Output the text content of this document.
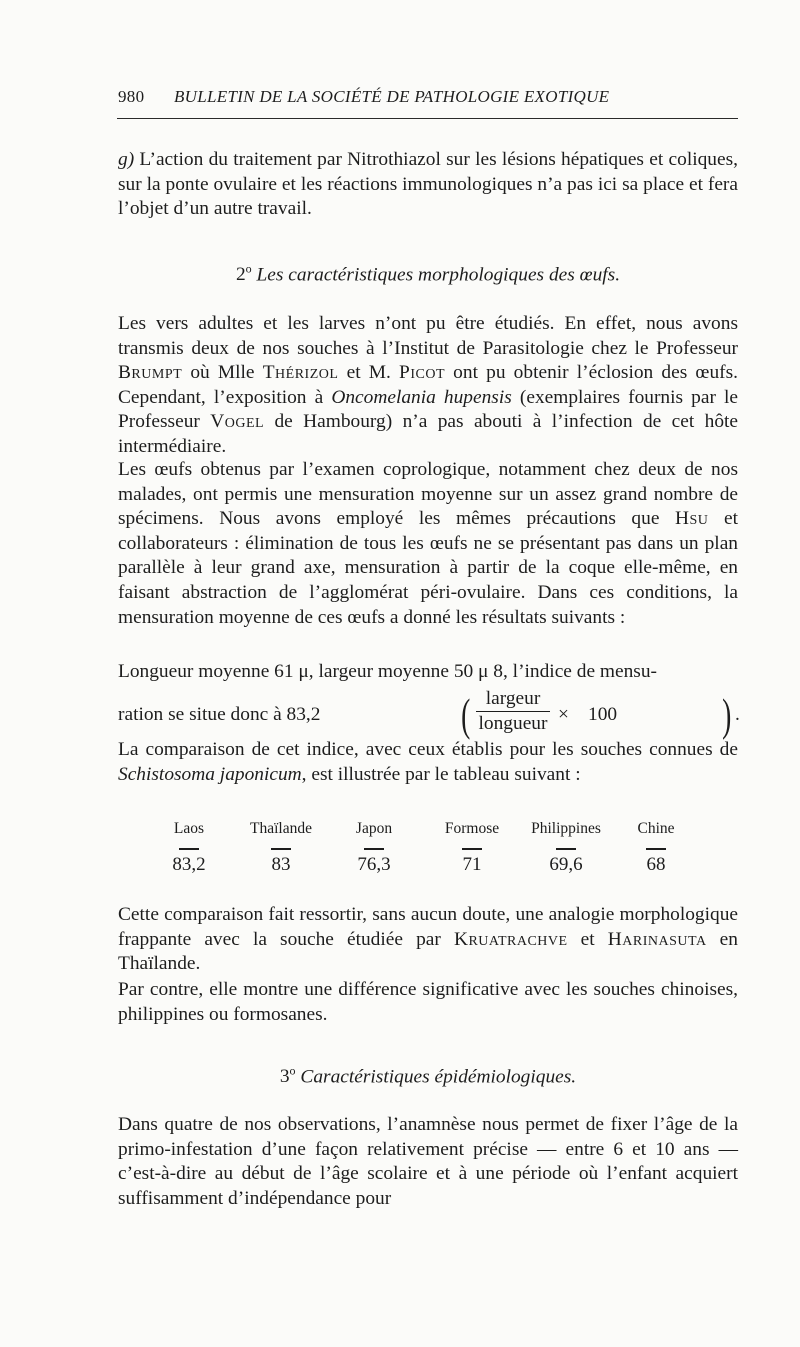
980 BULLETIN DE LA SOCIÉTÉ DE PATHOLOGIE EXOTIQUE

g) L’action du traitement par Nitrothiazol sur les lésions hépatiques et coliques, sur la ponte ovulaire et les réactions immunologiques n’a pas ici sa place et fera l’objet d’un autre travail.

2$^o$ Les caractéristiques morphologiques des œufs.

Les vers adultes et les larves n’ont pu être étudiés. En effet, nous avons transmis deux de nos souches à l’Institut de Parasitologie chez le Professeur Brumpt où Mlle Thérizol et M. Picot ont pu obtenir l’éclosion des œufs. Cependant, l’exposition à Oncomelania hupensis (exemplaires fournis par le Professeur Vogel de Hambourg) n’a pas abouti à l’infection de cet hôte intermédiaire.

Les œufs obtenus par l’examen coprologique, notamment chez deux de nos malades, ont permis une mensuration moyenne sur un assez grand nombre de spécimens. Nous avons employé les mêmes précautions que Hsu et collaborateurs : élimination de tous les œufs ne se présentant pas dans un plan parallèle à leur grand axe, mensuration à partir de la coque elle-même, en faisant abstraction de l’agglomérat péri-ovulaire. Dans ces conditions, la mensuration moyenne de ces œufs a donné les résultats suivants :

Longueur moyenne 61 μ, largeur moyenne 50 μ 8, l’indice de mensu-

ration se situe donc à 83,2	( largeur
longueur × 100 ) .

La comparaison de cet indice, avec ceux établis pour les souches connues de Schistosoma japonicum, est illustrée par le tableau suivant :

Laos
83,2
Thaïlande
83
Japon
76,3
Formose
71
Philippines
69,6
Chine
68

Cette comparaison fait ressortir, sans aucun doute, une analogie morphologique frappante avec la souche étudiée par Kruatrachve et Harinasuta en Thaïlande.

Par contre, elle montre une différence significative avec les souches chinoises, philippines ou formosanes.

3$^o$ Caractéristiques épidémiologiques.

Dans quatre de nos observations, l’anamnèse nous permet de fixer l’âge de la primo-infestation d’une façon relativement précise — entre 6 et 10 ans — c’est-à-dire au début de l’âge scolaire et à une période où l’enfant acquiert suffisamment d’indépendance pour
